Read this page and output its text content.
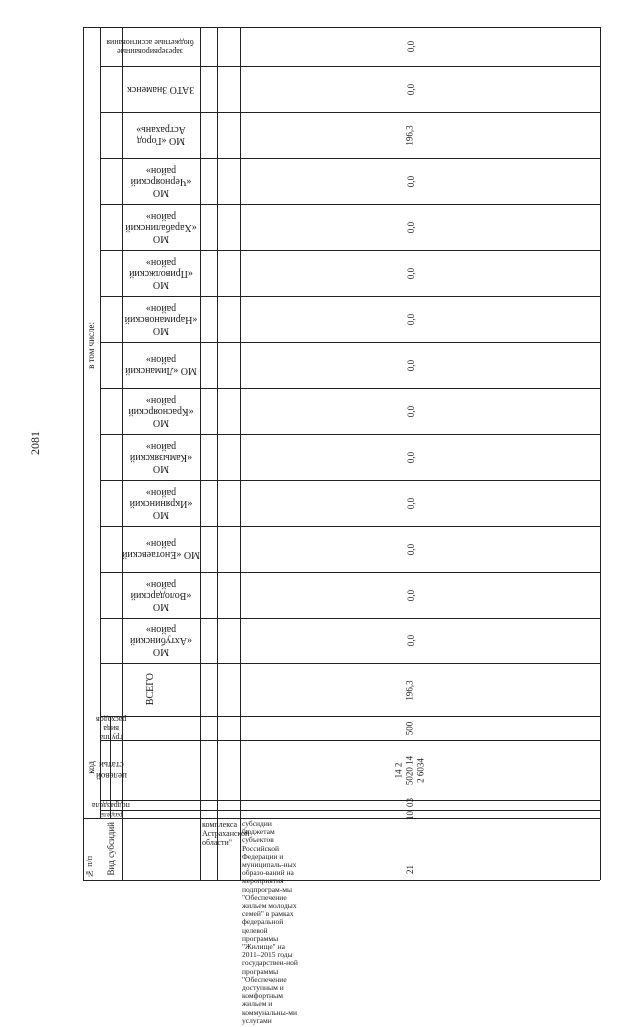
2081
в том числе:
код
группа вида расходов
целевой статьи
подраздела
раздела
ВСЕГО
№ п/п Вид субсидий
МО «Ахтубинский район»
МО «Володарский район»
МО «Енотаевский район»
МО «Икрянинский район»
МО «Камызякский район»
МО «Красноярский район»
МО «Лиманский район»
МО «Наримановский район»
МО «Приволжский район»
МО «Харабалинский район»
МО «Черноярский район»
МО «Город Астрахань»
ЗАТО Знаменск
зарезервированные бюджетные ассигнования
комплекса Астраханской области"
субсидии бюджетам субъектов Российской Федерации и муниципаль-ных образо-ваний на мероприятия подпрограм-мы "Обеспечение жильем молодых семей" в рамках федеральной целевой программы "Жилище" на 2011–2015 годы государствен-ной программы "Обеспечение доступным и комфортным жильем и коммунальны-ми услугами
10
03
14 2 5020 14 2 6034
500
196,3
0,0
0,0
0,0
0,0
0,0
0,0
0,0
0,0
0,0
0,0
0,0
196,3
0,0
0,0
21
